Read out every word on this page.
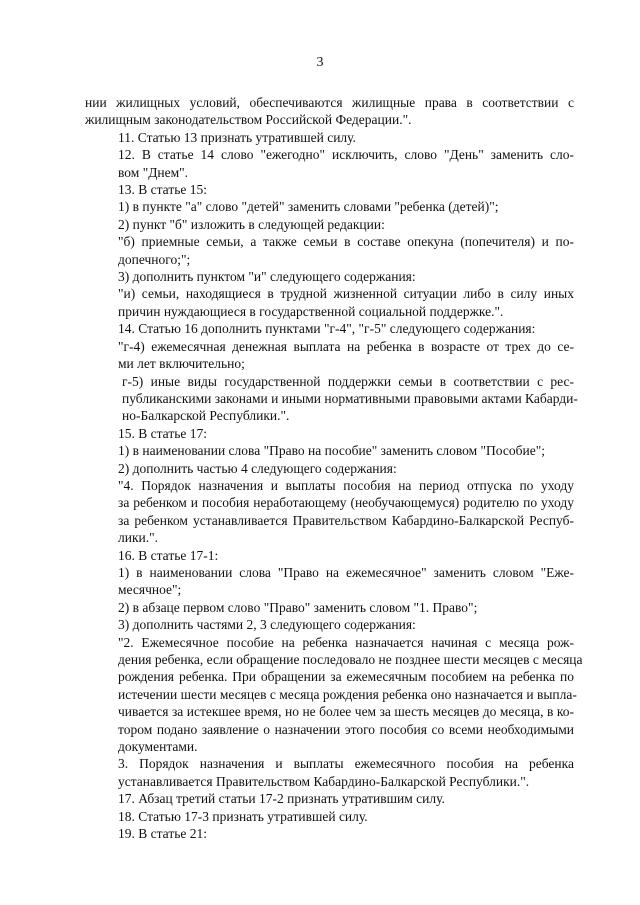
3
нии жилищных условий, обеспечиваются жилищные права в соответствии с
жилищным законодательством Российской Федерации.".
11. Статью 13 признать утратившей силу.
12. В статье 14 слово "ежегодно" исключить, слово "День" заменить сло-
вом "Днем".
13. В статье 15:
1) в пункте "а" слово "детей" заменить словами "ребенка (детей)";
2) пункт "б" изложить в следующей редакции:
"б) приемные семьи, а также семьи в составе опекуна (попечителя) и по-
допечного;";
3) дополнить пунктом "и" следующего содержания:
"и) семьи, находящиеся в трудной жизненной ситуации либо в силу иных
причин нуждающиеся в государственной социальной поддержке.".
14. Статью 16 дополнить пунктами "г-4", "г-5" следующего содержания:
"г-4) ежемесячная денежная выплата на ребенка в возрасте от трех до се-
ми лет включительно;
г-5) иные виды государственной поддержки семьи в соответствии с рес-
публиканскими законами и иными нормативными правовыми актами Кабарди-
но-Балкарской Республики.".
15. В статье 17:
1) в наименовании слова "Право на пособие" заменить словом "Пособие";
2) дополнить частью 4 следующего содержания:
"4. Порядок назначения и выплаты пособия на период отпуска по уходу
за ребенком и пособия неработающему (необучающемуся) родителю по уходу
за ребенком устанавливается Правительством Кабардино-Балкарской Респуб-
лики.".
16. В статье 17-1:
1) в наименовании слова "Право на ежемесячное" заменить словом "Еже-
месячное";
2) в абзаце первом слово "Право" заменить словом "1. Право";
3) дополнить частями 2, 3 следующего содержания:
"2. Ежемесячное пособие на ребенка назначается начиная с месяца рож-
дения ребенка, если обращение последовало не позднее шести месяцев с месяца
рождения ребенка. При обращении за ежемесячным пособием на ребенка по
истечении шести месяцев с месяца рождения ребенка оно назначается и выпла-
чивается за истекшее время, но не более чем за шесть месяцев до месяца, в ко-
тором подано заявление о назначении этого пособия со всеми необходимыми
документами.
3. Порядок назначения и выплаты ежемесячного пособия на ребенка
устанавливается Правительством Кабардино-Балкарской Республики.".
17. Абзац третий статьи 17-2 признать утратившим силу.
18. Статью 17-3 признать утратившей силу.
19. В статье 21:
